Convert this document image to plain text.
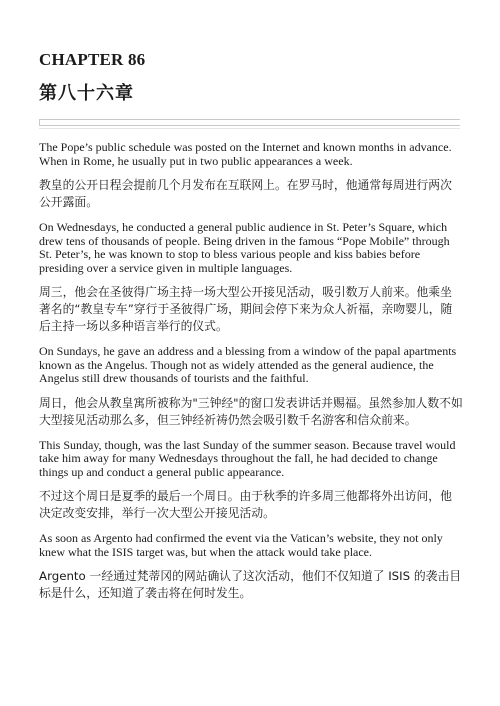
CHAPTER 86
第八十六章

The Pope’s public schedule was posted on the Internet and known months in advance. When in Rome, he usually put in two public appearances a week.

教皇的公开日程会提前几个月发布在互联网上。在罗马时，他通常每周进行两次公开露面。

On Wednesdays, he conducted a general public audience in St. Peter’s Square, which drew tens of thousands of people. Being driven in the famous “Pope Mobile” through St. Peter’s, he was known to stop to bless various people and kiss babies before presiding over a service given in multiple languages.

周三，他会在圣彼得广场主持一场大型公开接见活动，吸引数万人前来。他乘坐著名的“教皇专车”穿行于圣彼得广场，期间会停下来为众人祈福，亲吻婴儿，随后主持一场以多种语言举行的仪式。

On Sundays, he gave an address and a blessing from a window of the papal apartments known as the Angelus. Though not as widely attended as the general audience, the Angelus still drew thousands of tourists and the faithful.

周日，他会从教皇寓所被称为"三钟经"的窗口发表讲话并赐福。虽然参加人数不如大型接见活动那么多，但三钟经祈祷仍然会吸引数千名游客和信众前来。

This Sunday, though, was the last Sunday of the summer season. Because travel would take him away for many Wednesdays throughout the fall, he had decided to change things up and conduct a general public appearance.

不过这个周日是夏季的最后一个周日。由于秋季的许多周三他都将外出访问，他决定改变安排，举行一次大型公开接见活动。

As soon as Argento had confirmed the event via the Vatican’s website, they not only knew what the ISIS target was, but when the attack would take place.

Argento 一经通过梵蒂冈的网站确认了这次活动，他们不仅知道了 ISIS 的袭击目标是什么，还知道了袭击将在何时发生。
